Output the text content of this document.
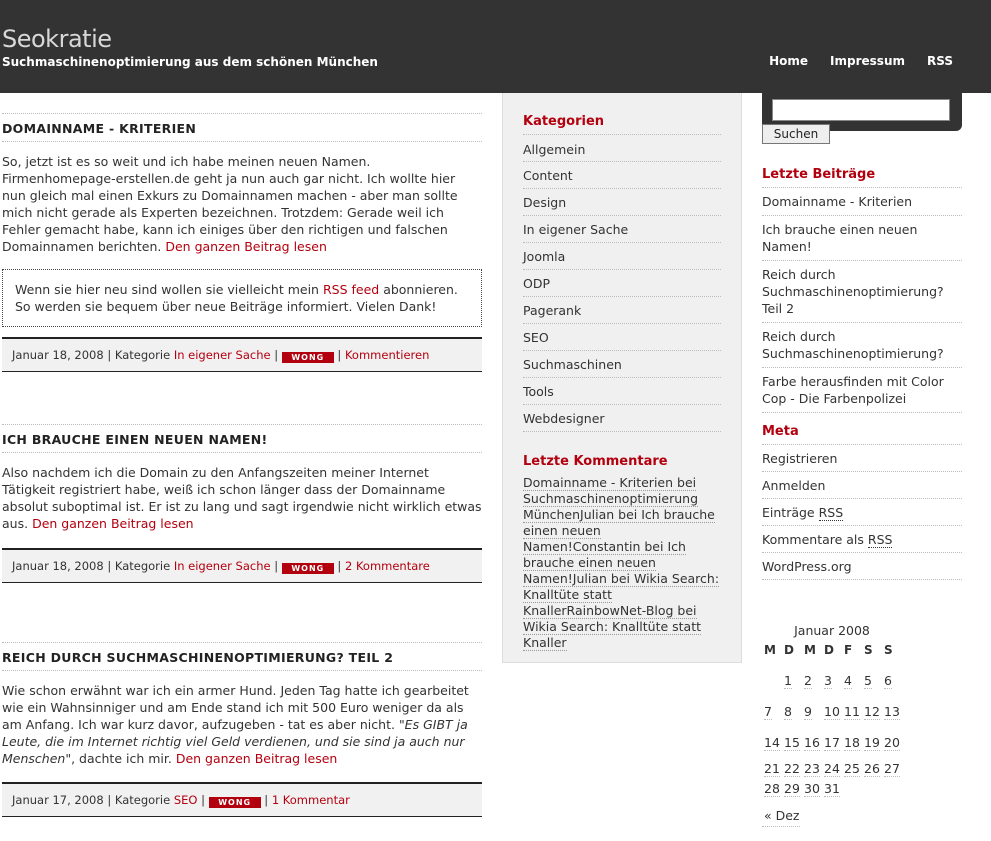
Seokratie
Suchmaschinenoptimierung aus dem schönen München	Home Impressum RSS
DOMAINNAME - KRITERIEN
So, jetzt ist es so weit und ich habe meinen neuen Namen. Firmenhomepage-erstellen.de geht ja nun auch gar nicht. Ich wollte hier nun gleich mal einen Exkurs zu Domainnamen machen - aber man sollte mich nicht gerade als Experten bezeichnen. Trotzdem: Gerade weil ich Fehler gemacht habe, kann ich einiges über den richtigen und falschen Domainnamen berichten. Den ganzen Beitrag lesen
Wenn sie hier neu sind wollen sie vielleicht mein RSS feed abonnieren. So werden sie bequem über neue Beiträge informiert. Vielen Dank!
Januar 18, 2008 | Kategorie In eigener Sache | WONG | Kommentieren
ICH BRAUCHE EINEN NEUEN NAMEN!
Also nachdem ich die Domain zu den Anfangszeiten meiner Internet Tätigkeit registriert habe, weiß ich schon länger dass der Domainname absolut suboptimal ist. Er ist zu lang und sagt irgendwie nicht wirklich etwas aus. Den ganzen Beitrag lesen
Januar 18, 2008 | Kategorie In eigener Sache | WONG | 2 Kommentare
REICH DURCH SUCHMASCHINENOPTIMIERUNG? TEIL 2
Wie schon erwähnt war ich ein armer Hund. Jeden Tag hatte ich gearbeitet wie ein Wahnsinniger und am Ende stand ich mit 500 Euro weniger da als am Anfang. Ich war kurz davor, aufzugeben - tat es aber nicht. "Es GIBT ja Leute, die im Internet richtig viel Geld verdienen, und sie sind ja auch nur Menschen", dachte ich mir. Den ganzen Beitrag lesen
Januar 17, 2008 | Kategorie SEO | WONG | 1 Kommentar
Kategorien
Allgemein
Content
Design
In eigener Sache
Joomla
ODP
Pagerank
SEO
Suchmaschinen
Tools
Webdesigner
Letzte Kommentare
Domainname - Kriterien bei Suchmaschinenoptimierung MünchenJulian bei Ich brauche einen neuen Namen!Constantin bei Ich brauche einen neuen Namen!Julian bei Wikia Search: Knalltüte statt KnallerRainbowNet-Blog bei Wikia Search: Knalltüte statt Knaller
Suchen
Letzte Beiträge
Domainname - Kriterien
Ich brauche einen neuen Namen!
Reich durch Suchmaschinenoptimierung? Teil 2
Reich durch Suchmaschinenoptimierung?
Farbe herausfinden mit Color Cop - Die Farbenpolizei
Meta
Registrieren
Anmelden
Einträge RSS
Kommentare als RSS
WordPress.org
Januar 2008
M	D	M	D	F	S	S
	1	2	3	4	5	6
7	8	9	10	11	12	13
14	15	16	17	18	19	20
21	22	23	24	25	26	27
28	29	30	31			
« Dez
